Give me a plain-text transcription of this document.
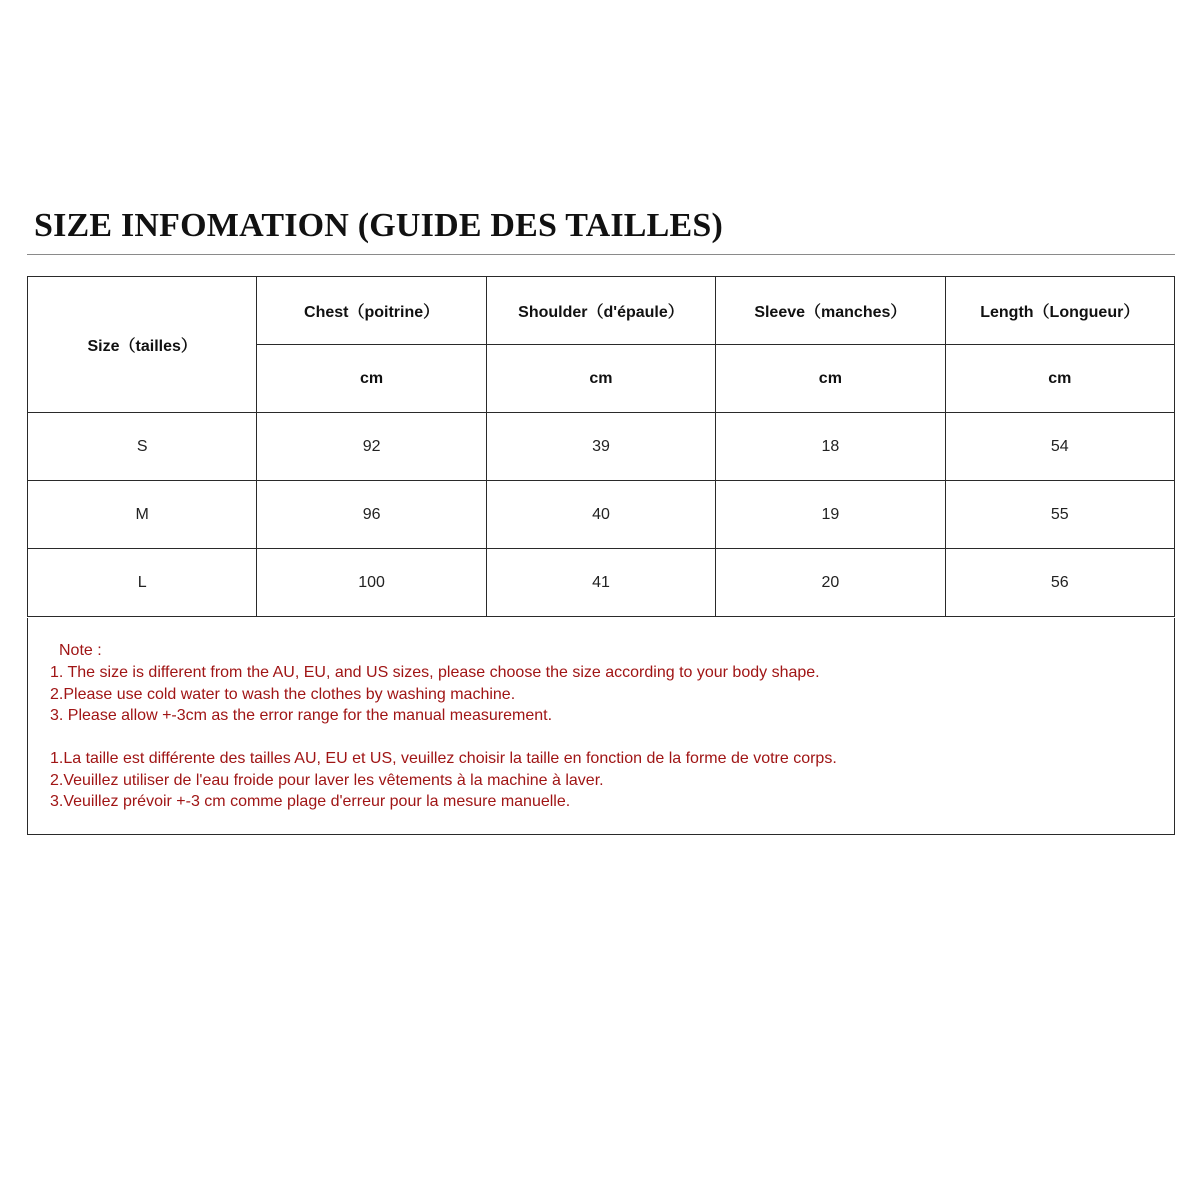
SIZE INFOMATION (GUIDE DES TAILLES)
Size（tailles）	Chest（poitrine）	Shoulder（d'épaule）	Sleeve（manches）	Length（Longueur）
	cm	cm	cm	cm
S	92	39	18	54
M	96	40	19	55
L	100	41	20	56
Note :
1. The size is different from the AU, EU, and US sizes, please choose the size according to your body shape.
2.Please use cold water to wash the clothes by washing machine.
3. Please allow +-3cm as the error range for the manual measurement.
1.La taille est différente des tailles AU, EU et US, veuillez choisir la taille en fonction de la forme de votre corps.
2.Veuillez utiliser de l'eau froide pour laver les vêtements à la machine à laver.
3.Veuillez prévoir +-3 cm comme plage d'erreur pour la mesure manuelle.
